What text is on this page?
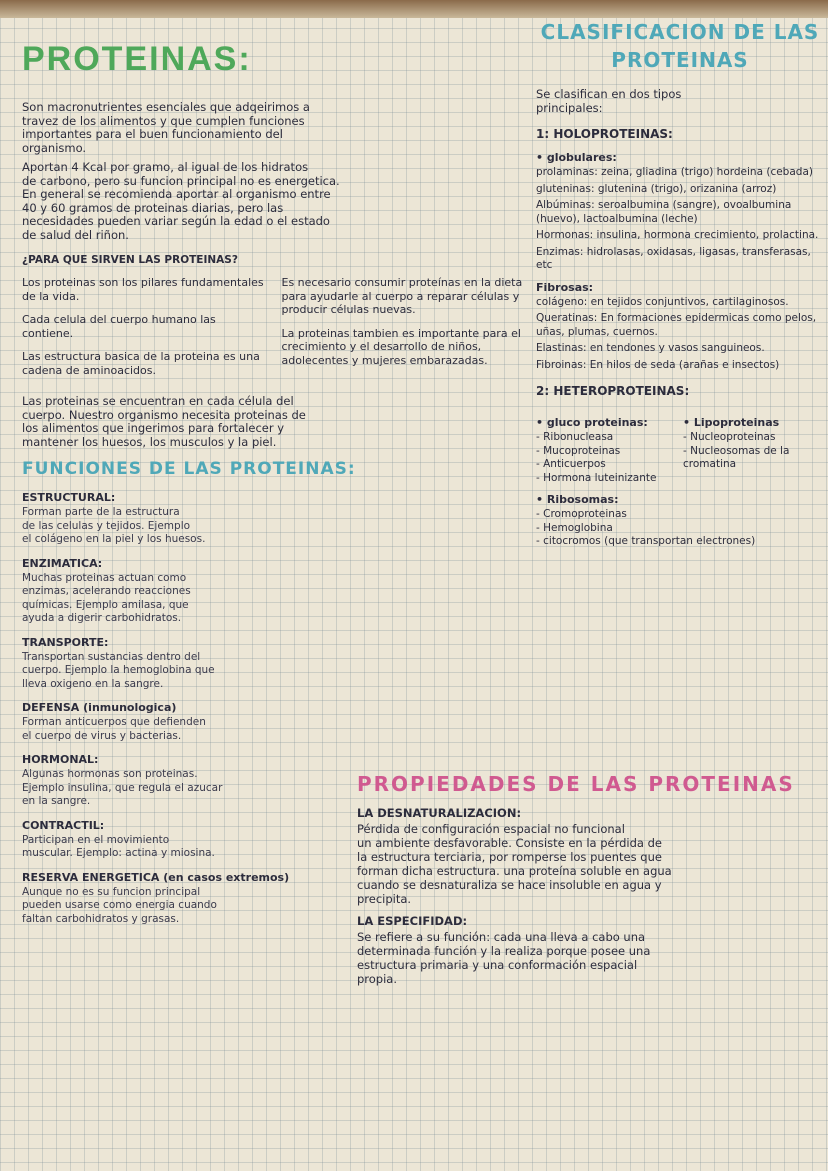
PROTEINAS:

Son macronutrientes esenciales que adqeirimos a
travez de los alimentos y que cumplen funciones
importantes para el buen funcionamiento del
organismo.

Aportan 4 Kcal por gramo, al igual de los hidratos
de carbono, pero su funcion principal no es energetica.
En general se recomienda aportar al organismo entre
40 y 60 gramos de proteinas diarias, pero las
necesidades pueden variar según la edad o el estado
de salud del riñon.

¿PARA QUE SIRVEN LAS PROTEINAS?

Los proteinas son los pilares fundamentales de la vida.

Cada celula del cuerpo humano las contiene.

Las estructura basica de la proteina es una cadena de aminoacidos.

Es necesario consumir proteínas en la dieta para ayudarle al cuerpo a reparar células y producir células nuevas.

La proteinas tambien es importante para el crecimiento y el desarrollo de niños, adolecentes y mujeres embarazadas.

Las proteinas se encuentran en cada célula del
cuerpo. Nuestro organismo necesita proteinas de
los alimentos que ingerimos para fortalecer y
mantener los huesos, los musculos y la piel.

FUNCIONES DE LAS PROTEINAS:
ESTRUCTURAL:
Forman parte de la estructura
de las celulas y tejidos. Ejemplo
el colágeno en la piel y los huesos.
ENZIMATICA:
Muchas proteinas actuan como
enzimas, acelerando reacciones
químicas. Ejemplo amilasa, que
ayuda a digerir carbohidratos.
TRANSPORTE:
Transportan sustancias dentro del
cuerpo. Ejemplo la hemoglobina que
lleva oxigeno en la sangre.
DEFENSA (inmunologica)
Forman anticuerpos que defienden
el cuerpo de virus y bacterias.
HORMONAL:
Algunas hormonas son proteinas.
Ejemplo insulina, que regula el azucar
en la sangre.
CONTRACTIL:
Participan en el movimiento
muscular. Ejemplo: actina y miosina.
RESERVA ENERGETICA (en casos extremos)
Aunque no es su funcion principal
pueden usarse como energia cuando
faltan carbohidratos y grasas.
CLASIFICACION DE LAS
PROTEINAS

Se clasifican en dos tipos
principales:

1: HOLOPROTEINAS:
• globulares:
prolaminas: zeina, gliadina (trigo) hordeina (cebada)
gluteninas: glutenina (trigo), orizanina (arroz)
Albúminas: seroalbumina (sangre), ovoalbumina (huevo), lactoalbumina (leche)
Hormonas: insulina, hormona crecimiento, prolactina.
Enzimas: hidrolasas, oxidasas, ligasas, transferasas, etc
Fibrosas:
colágeno: en tejidos conjuntivos, cartilaginosos.
Queratinas: En formaciones epidermicas como pelos, uñas, plumas, cuernos.
Elastinas: en tendones y vasos sanguineos.
Fibroinas: En hilos de seda (arañas e insectos)
2: HETEROPROTEINAS:
• gluco proteinas:
- Ribonucleasa
- Mucoproteinas
- Anticuerpos
- Hormona luteinizante
• Lipoproteinas
- Nucleoproteinas
- Nucleosomas de la cromatina
• Ribosomas:
- Cromoproteinas
- Hemoglobina
- citocromos (que transportan electrones)
PROPIEDADES DE LAS PROTEINAS
LA DESNATURALIZACION:
Pérdida de configuración espacial no funcional
un ambiente desfavorable. Consiste en la pérdida de
la estructura terciaria, por romperse los puentes que
forman dicha estructura. una proteína soluble en agua
cuando se desnaturaliza se hace insoluble en agua y
precipita.
LA ESPECIFIDAD:
Se refiere a su función: cada una lleva a cabo una
determinada función y la realiza porque posee una
estructura primaria y una conformación espacial
propia.
